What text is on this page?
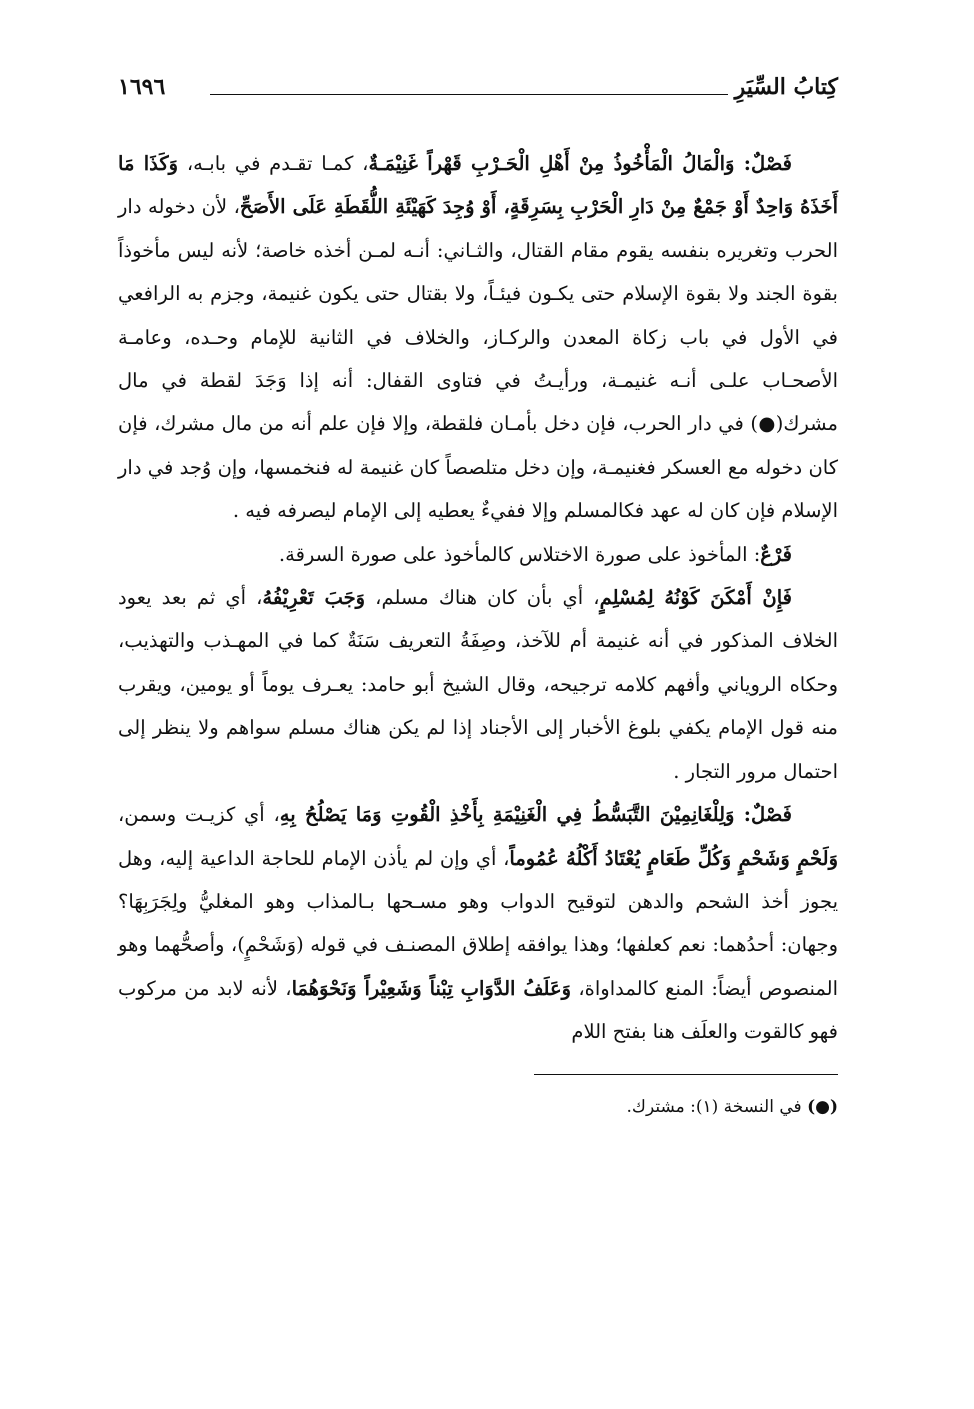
كِتابُ السِّيَرِ
١٦٩٦

فَصْلٌ: وَالْمَالُ الْمَأْخُوذُ مِنْ أَهْلِ الْحَـرْبِ قَهْراً غَنِيْمَـةٌ، كمـا تقـدم في بابـه، وَكَذَا مَا أَخَذَهُ وَاحِدٌ أَوْ جَمْعٌ مِنْ دَارِ الْحَرْبِ بِسَرِقَةٍ، أَوْ وُجِدَ كَهَيْئَةِ اللُّقَطَةِ عَلَى الأَصَحِّ، لأن دخوله دار الحرب وتغريره بنفسه يقوم مقام القتال، والثـاني: أنـه لمـن أخذه خاصة؛ لأنه ليس مأخوذاً بقوة الجند ولا بقوة الإسلام حتى يكـون فيئـاً، ولا بقتال حتى يكون غنيمة، وجزم به الرافعي في الأول في باب زكاة المعدن والركـاز، والخلاف في الثانية للإمام وحـده، وعامـة الأصحـاب علـى أنـه غنيمـة، ورأيـتُ في فتاوى القفال: أنه إذا وَجَدَ لقطة في مال مشرك(●) في دار الحرب، فإن دخل بأمـان فلقطة، وإلا فإن علم أنه من مال مشرك، فإن كان دخوله مع العسكر فغنيمـة، وإن دخل متلصصاً كان غنيمة له فنخمسها، وإن وُجد في دار الإسلام فإن كان له عهد فكالمسلم وإلا ففيءٌ يعطيه إلى الإمام ليصرفه فيه .

فَرْعٌ: المأخوذ على صورة الاختلاس كالمأخوذ على صورة السرقة.

فَإِنْ أَمْكَنَ كَوْنُهُ لِمُسْلِمٍ، أي بأن كان هناك مسلم، وَجَبَ تَعْرِيْفُهُ، أي ثم بعد يعود الخلاف المذكور في أنه غنيمة أم للآخذ، وصِفَةُ التعريف سَنَةٌ كما في المهـذب والتهذيب، وحكاه الروياني وأفهم كلامه ترجيحه، وقال الشيخ أبو حامد: يعـرف يوماً أو يومين، ويقرب منه قول الإمام يكفي بلوغ الأخبار إلى الأجناد إذا لم يكن هناك مسلم سواهم ولا ينظر إلى احتمال مرور التجار .

فَصْلٌ: وَلِلْغَانِمِيْنَ التَّبَسُّطُ فِي الْغَنِيْمَةِ بِأَخْذِ الْقُوتِ وَمَا يَصْلُحُ بِهِ، أي كزيـت وسمن، وَلَحْمٍ وَشَحْمٍ وَكُلِّ طَعَامٍ يُعْتَادُ أَكْلُهُ عُمُوماً، أي وإن لم يأذن الإمام للحاجة الداعية إليه، وهل يجوز أخذ الشحم والدهن لتوقيح الدواب وهو مسـحها بـالمذاب وهو المغليُّ ولِجَرَبِهَا؟ وجهان: أحدُهما: نعم كعلفها؛ وهذا يوافقه إطلاق المصنـف في قوله (وَشَحْمٍ)، وأصحُّهما وهو المنصوص أيضاً: المنع كالمداواة، وَعَلَفُ الدَّوَابِ تِبْناً وَشَعِيْراً وَنَحْوَهُمَا، لأنه لابد من مركوب فهو كالقوت والعلَف هنا بفتح اللام

(●) في النسخة (١): مشترك.
